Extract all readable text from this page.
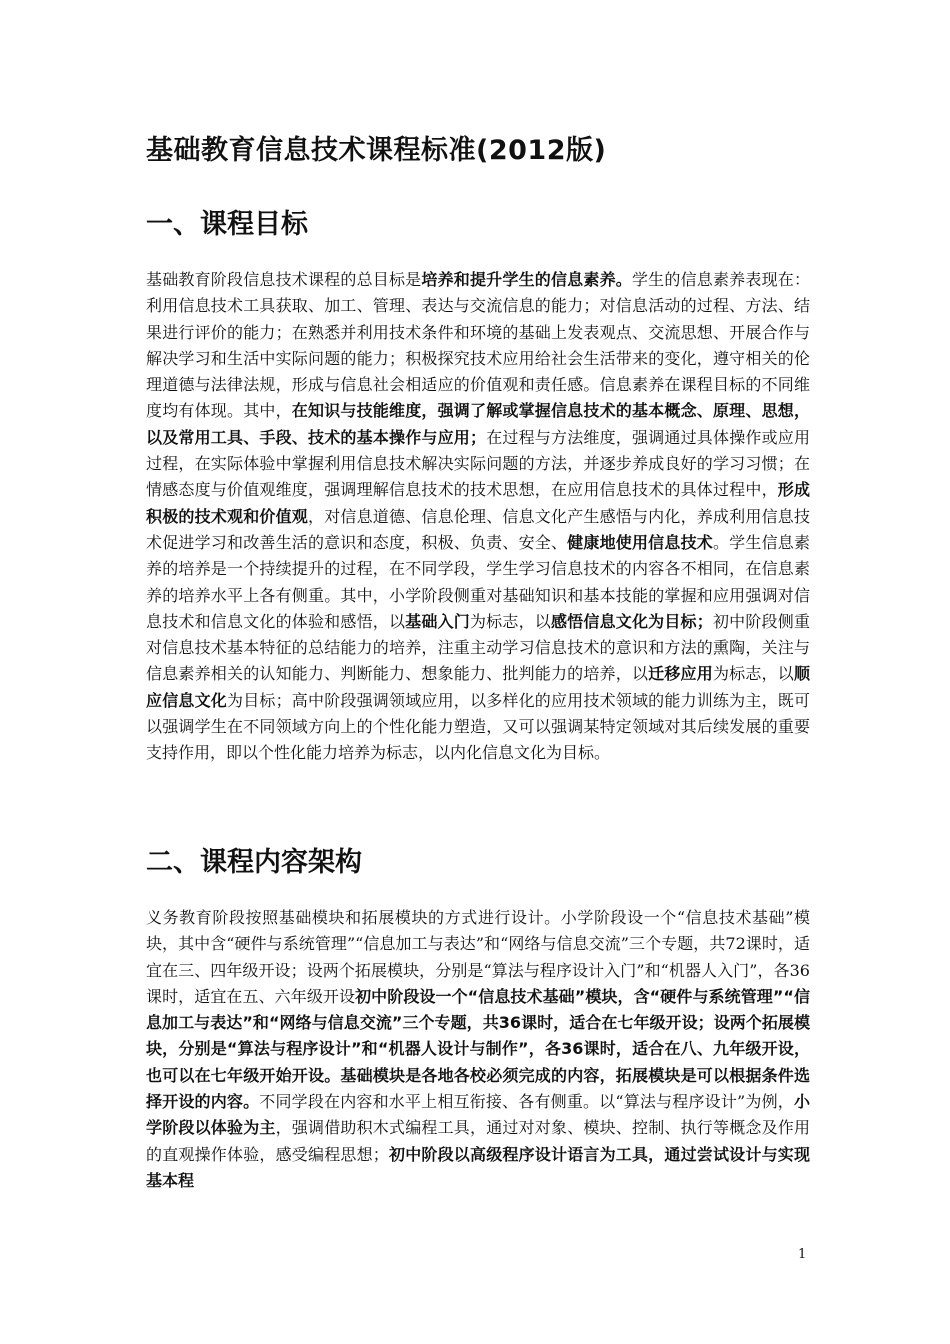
基础教育信息技术课程标准(2012版)
一、课程目标

基础教育阶段信息技术课程的总目标是培养和提升学生的信息素养。学生的信息素养表现在：利用信息技术工具获取、加工、管理、表达与交流信息的能力；对信息活动的过程、方法、结果进行评价的能力；在熟悉并利用技术条件和环境的基础上发表观点、交流思想、开展合作与解决学习和生活中实际问题的能力；积极探究技术应用给社会生活带来的变化，遵守相关的伦理道德与法律法规，形成与信息社会相适应的价值观和责任感。信息素养在课程目标的不同维度均有体现。其中，在知识与技能维度，强调了解或掌握信息技术的基本概念、原理、思想，以及常用工具、手段、技术的基本操作与应用；在过程与方法维度，强调通过具体操作或应用过程，在实际体验中掌握利用信息技术解决实际问题的方法，并逐步养成良好的学习习惯；在情感态度与价值观维度，强调理解信息技术的技术思想，在应用信息技术的具体过程中，形成积极的技术观和价值观，对信息道德、信息伦理、信息文化产生感悟与内化，养成利用信息技术促进学习和改善生活的意识和态度，积极、负责、安全、健康地使用信息技术。学生信息素养的培养是一个持续提升的过程，在不同学段，学生学习信息技术的内容各不相同，在信息素养的培养水平上各有侧重。其中，小学阶段侧重对基础知识和基本技能的掌握和应用强调对信息技术和信息文化的体验和感悟，以基础入门为标志，以感悟信息文化为目标；初中阶段侧重对信息技术基本特征的总结能力的培养，注重主动学习信息技术的意识和方法的熏陶，关注与信息素养相关的认知能力、判断能力、想象能力、批判能力的培养，以迁移应用为标志，以顺应信息文化为目标；高中阶段强调领域应用，以多样化的应用技术领域的能力训练为主，既可以强调学生在不同领域方向上的个性化能力塑造，又可以强调某特定领域对其后续发展的重要支持作用，即以个性化能力培养为标志，以内化信息文化为目标。

二、课程内容架构

义务教育阶段按照基础模块和拓展模块的方式进行设计。小学阶段设一个“信息技术基础”模块，其中含“硬件与系统管理”“信息加工与表达”和“网络与信息交流”三个专题，共72课时，适宜在三、四年级开设；设两个拓展模块，分别是“算法与程序设计入门”和“机器人入门”，各36课时，适宜在五、六年级开设初中阶段设一个“信息技术基础”模块，含“硬件与系统管理”“信息加工与表达”和“网络与信息交流”三个专题，共36课时，适合在七年级开设；设两个拓展模块，分别是“算法与程序设计”和“机器人设计与制作”，各36课时，适合在八、九年级开设，也可以在七年级开始开设。基础模块是各地各校必须完成的内容，拓展模块是可以根据条件选择开设的内容。不同学段在内容和水平上相互衔接、各有侧重。以“算法与程序设计”为例，小学阶段以体验为主，强调借助积木式编程工具，通过对对象、模块、控制、执行等概念及作用的直观操作体验，感受编程思想；初中阶段以高级程序设计语言为工具，通过尝试设计与实现基本程

1
